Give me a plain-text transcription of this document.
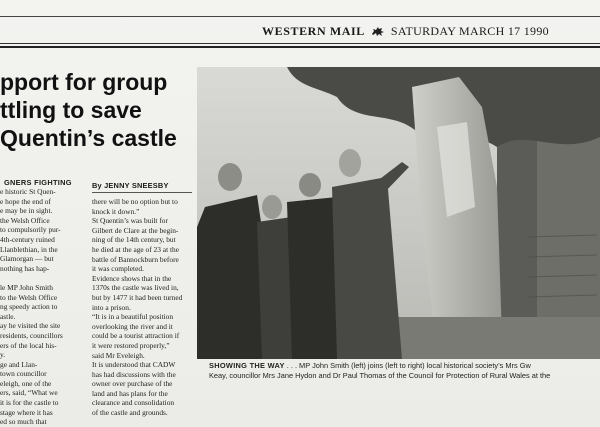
WESTERN MAIL SATURDAY MARCH 17 1990
pport for group
ttling to save
Quentin’s castle
GNERS FIGHTING	By JENNY SNEESBY
e historic St Quen-
e hope the end of
e may be in sight.
the Welsh Office
to compulsorily pur-
4th-century ruined
Llanblethian, in the
Glamorgan — but
nothing has hap-
le MP John Smith
to the Welsh Office
ng speedy action to
astle.
ay he visited the site
residents, councillors
ers of the local his-
y.
ge and Llan-
town councillor
eleigh, one of the
ers, said, “What we
it is for the castle to
stage where it has
ed so much that
there will be no option but to
knock it down.”
St Quentin’s was built for
Gilbert de Clare at the begin-
ning of the 14th century, but
he died at the age of 23 at the
battle of Bannockburn before
it was completed.
Evidence shows that in the
1370s the castle was lived in,
but by 1477 it had been turned
into a prison.
“It is in a beautiful position
overlooking the river and it
could be a tourist attraction if
it were restored properly,”
said Mr Eveleigh.
It is understood that CADW
has had discussions with the
owner over purchase of the
land and has plans for the
clearance and consolidation
of the castle and grounds.
SHOWING THE WAY . . . MP John Smith (left) joins (left to right) local historical society’s Mrs Gw
Keay, councillor Mrs Jane Hydon and Dr Paul Thomas of the Council for Protection of Rural Wales at the
